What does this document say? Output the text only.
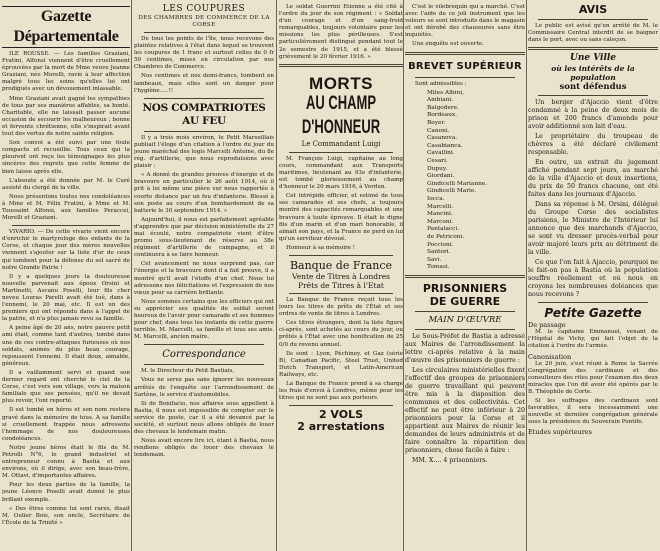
Gazette Départementale

ILE ROUSSE. — Les familles Graziani, Fratini, Alfonsi viennent d'être cruellement éprouvées par la mort de Mme veuve Jeanne Graziani, née Morelli, ravie à leur affection malgré tous les soins qu'elles lui ont prodigués avec un dévouement inlassable.

Mme Graziani avait gagné les sympathies de tous par ses manières affables, sa bonté. Charitable, elle ne laissait passer aucune occasion de secourir les malheureux ; bonne et fervente chrétienne, elle s'inspirait avant tout des vertus de notre sainte religion.

Son convoi a été suivi par une foule compacte et recueillie. Tous ceux qui la pleurent ont reçu les témoignages les plus sincères des regrets que cette femme de bien laisse après elle.

L'absoute a été donnée par M. le Curé assisté du clergé de la ville.

Nous présentons toutes nos condoléances à Mme et M. Félix Fratini, à Mme et M. Toussaint Alfonsi, aux familles Peraccei, Morelli et Graziani.

VIVARIO. — De cette vivarie vient encore d'enrichir le martyrologe des enfants de la Corse, et chaque jour des mères nouvelles viennent s'ajouter sur la liste d'or de ceux qui tombent pour la défense du sol sacré de notre Grande Patrie !

Il y a quelques jours la douloureuse nouvelle parvenait aux époux Orsini et Martinetti, Ascanu Poselli, leur fils cher neveu Louras Parelli avait été tué, dans à l'ennemi, le 20 mai, etc. Il est un des premiers qui ont répondu dans à l'appel de la patrie, et n'a plus jamais revu sa famille.

A peine âgé de 20 ans, notre pauvre petit ami était, comme tant d'autres, tombé dans une de ces contre-attaques furieuses où nos soldats, animés du plus beau courage, repoussent l'ennemi. Il était doux, aimable, généreux.

Il a vaillamment servi et quand son dernier regard ont cherché le ciel de la Corse, c'est vers son village, vers la maison familiale que ses pensées, qu'il ne devait plus revoir, l'ont reporté.

Il est tombé en héros et son nom restera gravé dans la mémoire de tous. A sa famille si cruellement frappée nous adressons l'hommage de nos douloureuses condoléances.

Notre jeune héros était le fils de M. Petrolli N°6, le grand industriel et entrepreneur connu à Bastia et aux environs, où il dirige, avec son beau-frère, M. Ottavi, d'importantes affaires.

Pour les deux parties de la famille, la jeune Léonce Poselli avait donné le plus brillant exemple.

« Des êtres comme lui sont rares, disait M. Oulier Bois, son oncle, Secrétaire de l'École de la Trinité »

LES COUPURES
DES CHAMBRES DE COMMERCE DE LA CORSE

De tous les points de l'île, nous recevons des plaintes relatives à l'état dans lequel se trouvent les coupures de 1 franc et surtout celles de 0 fr 50 centimes, mises en circulation par nos Chambres de Commerce.

Nos centimes et nos demi-francs, tombent en lambeaux, mais elles sont un danger pour l'hygiène.....!!

NOS COMPATRIOTES AU FEU

Il y a trois mois environ, le Petit Marseillais publiait l'éloge d'un citation à l'ordre du jour du jeune maréchal des logis Marcelli Antoine, du 8e rég. d'artillerie, que nous reproduisions avec plaisir :

« A donné de grandes preuves d'énergie et de bravoure en particulier le 26 août 1914, où il prit à lui même une pièce sur nous rapportée à courte distance par un feu d'infanterie. Blessé à son poste au cours d'un bombardement de sa batterie le 30 septembre 1914. »

Aujourd'hui, il nous est parfaitement agréable d'apprendre que par décision ministérielle du 27 mai écoulé, notre compatriote vient d'être promu sous-lieutenant de réserve au 38e régiment d'artillerie de campagne, et il continuera à se faire honneur.

Cet avancement ne nous surprend pas, car l'énergie et la bravoure dont il a fait preuve, il a montré qu'il avait l'étoffe d'un chef. Nous lui adressons nos félicitations et l'expression de nos vœux pour sa carrière brillante.

Nous sommes certains que les officiers qui ont su apprécier ses qualités de soldat seront heureux de l'avoir pour camarade et ses hommes pour chef, dans tous les instants de cette guerre terrible. M. Marcelli, sa famille et tous ses amis. M. Marcelli, ancien maire.

Correspondance

M. le Directeur du Petit Bastiais,

Vous ne serez pas sans ignorer les nouveaux arrêtés de l'enquête sur l'arrondissement de Sartène, le service d'automobiles.

Si de Bonifacio, nos affaires sous appellent à Bastia, il nous est impossible de compter sur le service de poste, car il a été devancé par la société, et surtout nous allons obligés de louer des chevaux le lendemain matin.

Nous avait encore lire ici, étant à Bastia, nous rendions obligés de louer des chevaux le lendemain.

Le soldat Guerrini Etienne a été cité à l'ordre du jour de son régiment : « Soldat d'un courage et d'un sang-froid remarquables, toujours volontaire pour les missions les plus périlleuses. S'est particulièrement distingué pendant tout le 2e semestre de 1915, et a été blessé grièvement le 20 février 1916. »

MORTS
AU CHAMP D'HONNEUR
Le Commandant Luigi

M. François Luigi, capitaine au long cours, commandant aux Transports maritimes, lieutenant au 93e d'infanterie, est tombé glorieusement au champ d'honneur le 20 mars 1916, à Verdun.

Cet intrépide officier, et estimé de tous ses camarades et ses chefs, a toujours montré des capacités remarquables et une bravoure à toute épreuve. Il était le digne fils d'un marin et d'un mari honorable, il aimait son pays, et la France ne perd en lui qu'un serviteur dévoué.

Honneur à sa mémoire !

Banque de France
Vente de Titres à Londres
Prêts de Titres à l'Etat

La Banque de France reçoit tous les jours les titres de prêts de l'État et ses ordres de vente de titres à Londres.

Ces titres étrangers, dont la liste figure ci-après, sont achetés au cours du jour, ou prêtés à l'État avec une bonification de 25 0/0 du revenu annuel.

Ils sont : Lyon, Péchiney, et Gaz (série B), Canadian Pacific, Steel Trust, United Dutch Transport, et Latin-American Railways, etc.

La Banque de France prend à sa charge les frais d'envoi à Londres, même pour les titres qui ne sont pas aux porteurs.

2 VOLS
2 arrestations

C'est le vilebrequin qui a marché. C'est avec l'aide de ce joli instrument que les voleurs se sont introduits dans le magasin et ont dérobé des chaussures sans être inquiétés.

Une enquête est ouverte.

BREVET SUPÉRIEUR

Sont admissibles :

Miles Albini,
Ambiani.
Balgodere.
Bordeaux.
Boyer.
Canoni.
Casanova.
Casabianca.
Cavallini.
Cesari.
Dupuy.
Giordani.
Gindicelli Marianne.
Gindicelli Marie.
Iocca.
Marcelli.
Mancini.
Marconi.
Pantalacci.
de Petriconi.
Poccioni.
Santori.
Savi.
Tomasi.
PRISONNIERS
DE GUERRE
MAIN D'ŒUVRE

Le Sous-Préfet de Bastia a adressé aux Maires de l'arrondissement la lettre ci-après relative à la main d'œuvre des prisonniers de guerre :

Les circulaires ministérielles fixent l'effectif des groupes de prisonniers de guerre travaillant qui peuvent être mis à la disposition des communes et des collectivités. Cet effectif ne peut être inférieur à 20 prisonniers pour la Corse et il appartient aux Maires de réunir les demandes de leurs administrés et de faire connaître la répartition des prisonniers, chose facile à faire :

MM. X.... 4 prisonniers.

AVIS

Le public est avisé qu'un arrêté de M. le Commissaire Central interdit de se baigner dans le port, avec ou sans caleçon.

Une Ville
où les intérêts de la population
sont défendus

Un berger d'Ajaccio vient d'être condamné à la peine de deux mois de prison et 200 francs d'amende pour avoir additionné son lait d'eau.

Le propriétaire du troupeau de chèvres a été déclaré civilement responsable.

En outre, un extrait du jugement affiché pendant sept jours, au marché de la ville d'Ajaccio et deux insertions, du prix de 50 francs chacune, ont été faites dans les journaux d'Ajaccio.

Dans sa réponse à M. Orsini, délégué du Groupe Corse des socialistes parisiens, le Ministre de l'Intérieur lui annonce que des marchands d'Ajaccio, se sont vu dresser procès-verbal pour avoir majoré leurs prix au détriment de la ville.

Ce que l'on fait à Ajaccio, pourquoi ne le fait-on pas à Bastia où la population souffre réellement et où nous en croyons les nombreuses doléances que nous recevons ?

Petite Gazette
De passage

M. le capitaine Emmanuel, venant de l'Hôpital de Vichy, qui fait l'objet de la citation à l'ordre de l'armée.

Canonisation

Le 20 juin, s'est réuni à Rome la Sacrée Congrégation des cardinaux et des consulteurs des rites pour l'examen des deux miracles que l'on dit avoir été opérés par le B. Théophile de Corte.

Si les suffrages des cardinaux sont favorables, il sera incessamment une nouvelle et dernière congrégation générale sous la présidence du Souverain Pontife.

Etudes supérieures
